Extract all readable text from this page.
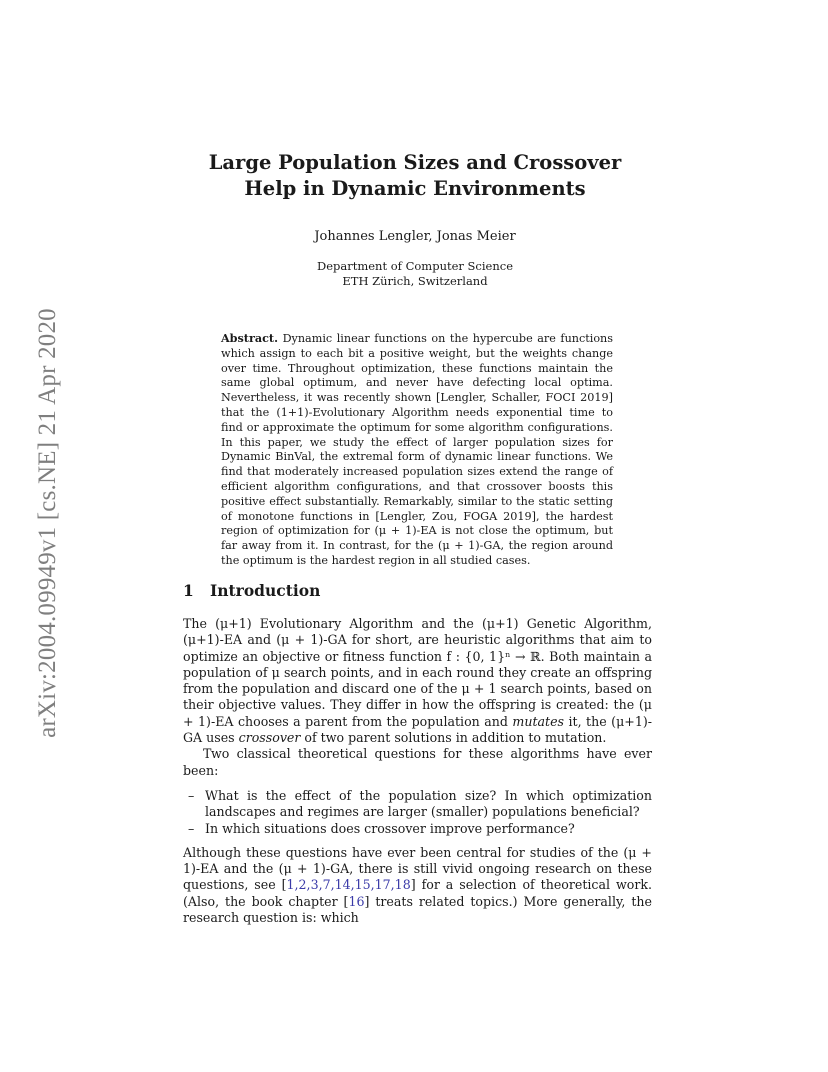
arXiv:2004.09949v1 [cs.NE] 21 Apr 2020
Large Population Sizes and Crossover Help in Dynamic Environments
Johannes Lengler, Jonas Meier
Department of Computer Science
ETH Zürich, Switzerland

Abstract. Dynamic linear functions on the hypercube are functions which assign to each bit a positive weight, but the weights change over time. Throughout optimization, these functions maintain the same global optimum, and never have defecting local optima. Nevertheless, it was recently shown [Lengler, Schaller, FOCI 2019] that the (1+1)-Evolutionary Algorithm needs exponential time to find or approximate the optimum for some algorithm configurations. In this paper, we study the effect of larger population sizes for Dynamic BinVal, the extremal form of dynamic linear functions. We find that moderately increased population sizes extend the range of efficient algorithm configurations, and that crossover boosts this positive effect substantially. Remarkably, similar to the static setting of monotone functions in [Lengler, Zou, FOGA 2019], the hardest region of optimization for (μ + 1)-EA is not close the optimum, but far away from it. In contrast, for the (μ + 1)-GA, the region around the optimum is the hardest region in all studied cases.

1 Introduction

The (μ+1) Evolutionary Algorithm and the (μ+1) Genetic Algorithm, (μ+1)-EA and (μ + 1)-GA for short, are heuristic algorithms that aim to optimize an objective or fitness function f : {0, 1}ⁿ → ℝ. Both maintain a population of μ search points, and in each round they create an offspring from the population and discard one of the μ + 1 search points, based on their objective values. They differ in how the offspring is created: the (μ + 1)-EA chooses a parent from the population and mutates it, the (μ+1)-GA uses crossover of two parent solutions in addition to mutation.

Two classical theoretical questions for these algorithms have ever been:

– What is the effect of the population size? In which optimization landscapes and regimes are larger (smaller) populations beneficial?
– In which situations does crossover improve performance?

Although these questions have ever been central for studies of the (μ + 1)-EA and the (μ + 1)-GA, there is still vivid ongoing research on these questions, see [1,2,3,7,14,15,17,18] for a selection of theoretical work. (Also, the book chapter [16] treats related topics.) More generally, the research question is: which
